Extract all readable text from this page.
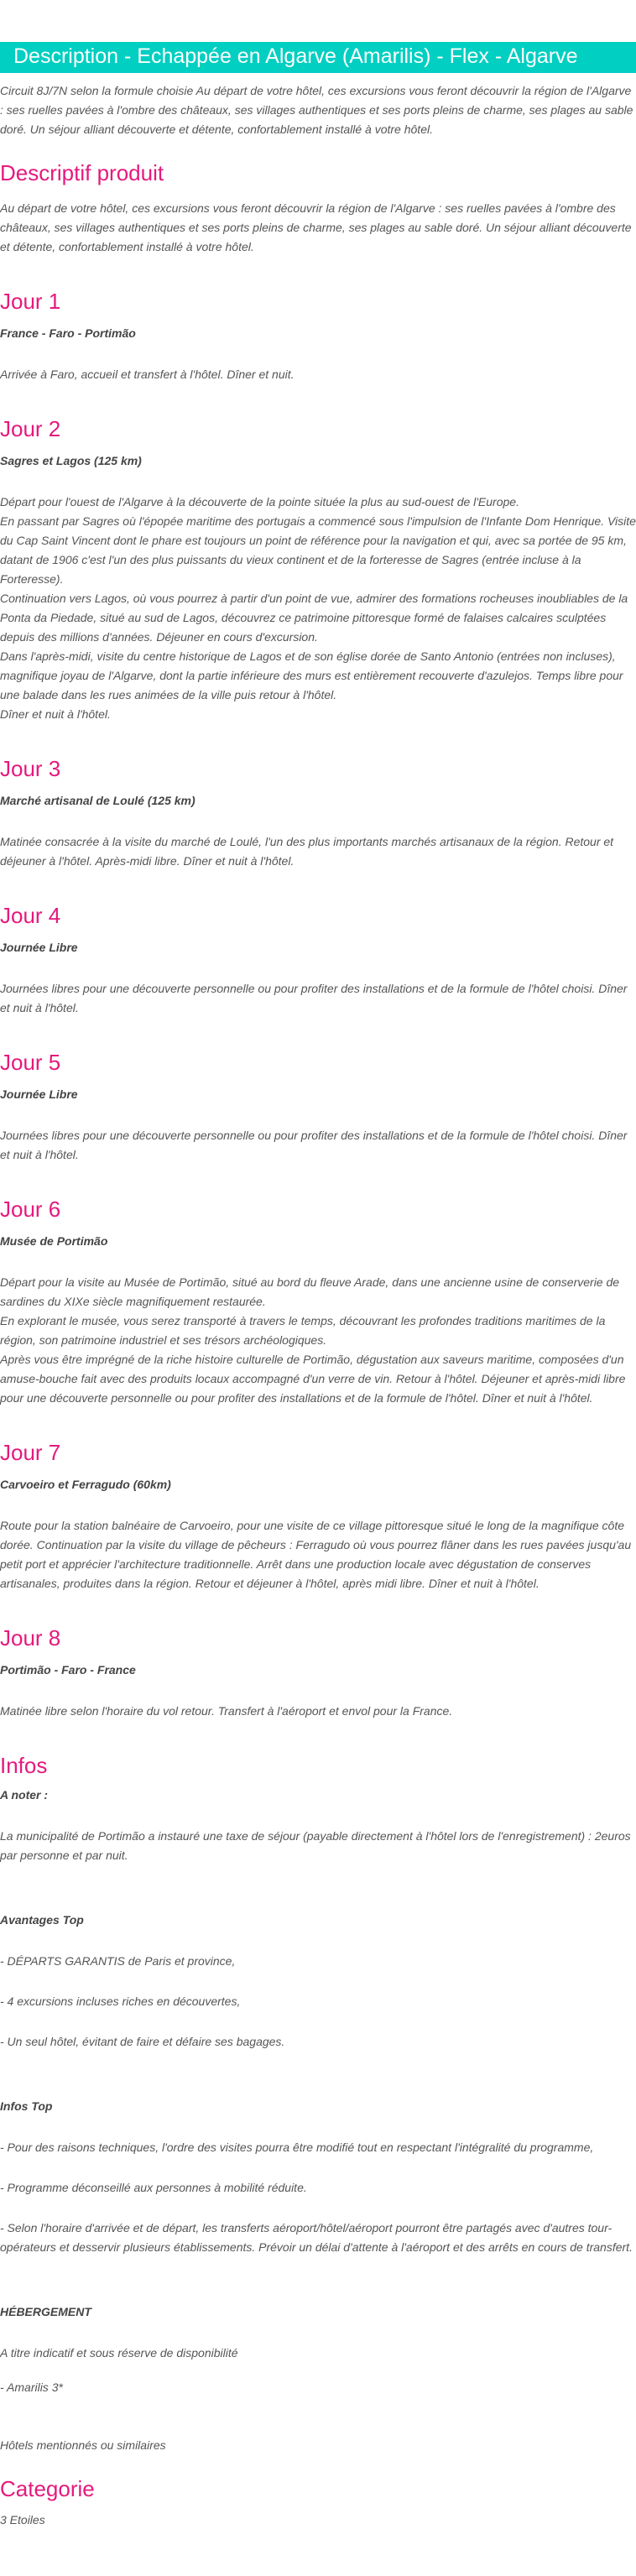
Description - Echappée en Algarve (Amarilis) - Flex - Algarve

Circuit 8J/7N selon la formule choisie Au départ de votre hôtel, ces excursions vous feront découvrir la région de l'Algarve : ses ruelles pavées à l'ombre des châteaux, ses villages authentiques et ses ports pleins de charme, ses plages au sable doré. Un séjour alliant découverte et détente, confortablement installé à votre hôtel.

Descriptif produit

Au départ de votre hôtel, ces excursions vous feront découvrir la région de l'Algarve : ses ruelles pavées à l'ombre des châteaux, ses villages authentiques et ses ports pleins de charme, ses plages au sable doré. Un séjour alliant découverte et détente, confortablement installé à votre hôtel.

Jour 1
France - Faro - Portimão

Arrivée à Faro, accueil et transfert à l'hôtel. Dîner et nuit.

Jour 2
Sagres et Lagos (125 km)

Départ pour l'ouest de l'Algarve à la découverte de la pointe située la plus au sud-ouest de l'Europe.

En passant par Sagres où l'épopée maritime des portugais a commencé sous l'impulsion de l'Infante Dom Henrique. Visite du Cap Saint Vincent dont le phare est toujours un point de référence pour la navigation et qui, avec sa portée de 95 km, datant de 1906 c'est l'un des plus puissants du vieux continent et de la forteresse de Sagres (entrée incluse à la Forteresse).

Continuation vers Lagos, où vous pourrez à partir d'un point de vue, admirer des formations rocheuses inoubliables de la Ponta da Piedade, situé au sud de Lagos, découvrez ce patrimoine pittoresque formé de falaises calcaires sculptées depuis des millions d'années. Déjeuner en cours d'excursion.

Dans l'après-midi, visite du centre historique de Lagos et de son église dorée de Santo Antonio (entrées non incluses), magnifique joyau de l'Algarve, dont la partie inférieure des murs est entièrement recouverte d'azulejos. Temps libre pour une balade dans les rues animées de la ville puis retour à l'hôtel.

Dîner et nuit à l'hôtel.

Jour 3
Marché artisanal de Loulé (125 km)

Matinée consacrée à la visite du marché de Loulé, l'un des plus importants marchés artisanaux de la région. Retour et déjeuner à l'hôtel. Après-midi libre. Dîner et nuit à l'hôtel.

Jour 4
Journée Libre

Journées libres pour une découverte personnelle ou pour profiter des installations et de la formule de l'hôtel choisi. Dîner et nuit à l'hôtel.

Jour 5
Journée Libre

Journées libres pour une découverte personnelle ou pour profiter des installations et de la formule de l'hôtel choisi. Dîner et nuit à l'hôtel.

Jour 6
Musée de Portimão

Départ pour la visite au Musée de Portimão, situé au bord du fleuve Arade, dans une ancienne usine de conserverie de sardines du XIXe siècle magnifiquement restaurée.

En explorant le musée, vous serez transporté à travers le temps, découvrant les profondes traditions maritimes de la région, son patrimoine industriel et ses trésors archéologiques.

Après vous être imprégné de la riche histoire culturelle de Portimão, dégustation aux saveurs maritime, composées d'un amuse-bouche fait avec des produits locaux accompagné d'un verre de vin. Retour à l'hôtel. Déjeuner et après-midi libre pour une découverte personnelle ou pour profiter des installations et de la formule de l'hôtel. Dîner et nuit à l'hôtel.

Jour 7
Carvoeiro et Ferragudo (60km)

Route pour la station balnéaire de Carvoeiro, pour une visite de ce village pittoresque situé le long de la magnifique côte dorée. Continuation par la visite du village de pêcheurs : Ferragudo où vous pourrez flâner dans les rues pavées jusqu'au petit port et apprécier l'architecture traditionnelle. Arrêt dans une production locale avec dégustation de conserves artisanales, produites dans la région. Retour et déjeuner à l'hôtel, après midi libre. Dîner et nuit à l'hôtel.

Jour 8
Portimão - Faro - France

Matinée libre selon l'horaire du vol retour. Transfert à l'aéroport et envol pour la France.

Infos
A noter :

La municipalité de Portimão a instauré une taxe de séjour (payable directement à l'hôtel lors de l'enregistrement) : 2euros par personne et par nuit.

Avantages Top

- DÉPARTS GARANTIS de Paris et province,

- 4 excursions incluses riches en découvertes,

- Un seul hôtel, évitant de faire et défaire ses bagages.

Infos Top

- Pour des raisons techniques, l'ordre des visites pourra être modifié tout en respectant l'intégralité du programme,

- Programme déconseillé aux personnes à mobilité réduite.

- Selon l'horaire d'arrivée et de départ, les transferts aéroport/hôtel/aéroport pourront être partagés avec d'autres tour-opérateurs et desservir plusieurs établissements. Prévoir un délai d'attente à l'aéroport et des arrêts en cours de transfert.

HÉBERGEMENT

A titre indicatif et sous réserve de disponibilité

- Amarilis 3*

Hôtels mentionnés ou similaires

Categorie

3 Etoiles
